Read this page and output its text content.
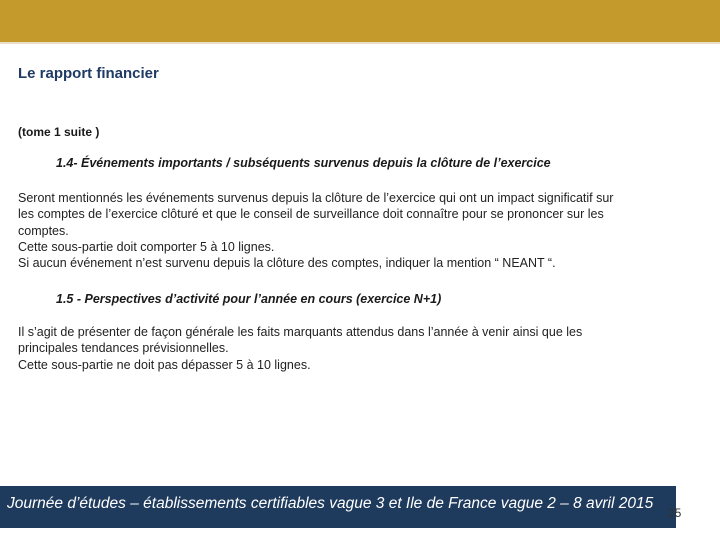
Le rapport financier
(tome 1 suite )
1.4- Événements importants / subséquents survenus depuis la clôture de l’exercice
Seront mentionnés les événements survenus depuis la clôture de l’exercice qui ont un impact significatif sur
les comptes de l’exercice clôturé et que le conseil de surveillance doit connaître pour se prononcer sur les
comptes.
Cette sous-partie doit comporter 5 à 10 lignes.
Si aucun événement n’est survenu depuis la clôture des comptes, indiquer la mention “ NEANT “.
1.5 - Perspectives d’activité pour l’année en cours (exercice N+1)
Il s’agit de présenter de façon générale les faits marquants attendus dans l’année à venir ainsi que les
principales tendances prévisionnelles.
Cette sous-partie ne doit pas dépasser 5 à 10 lignes.
Journée d’études – établissements certifiables vague 3 et Ile de France vague 2 – 8 avril 2015
25
